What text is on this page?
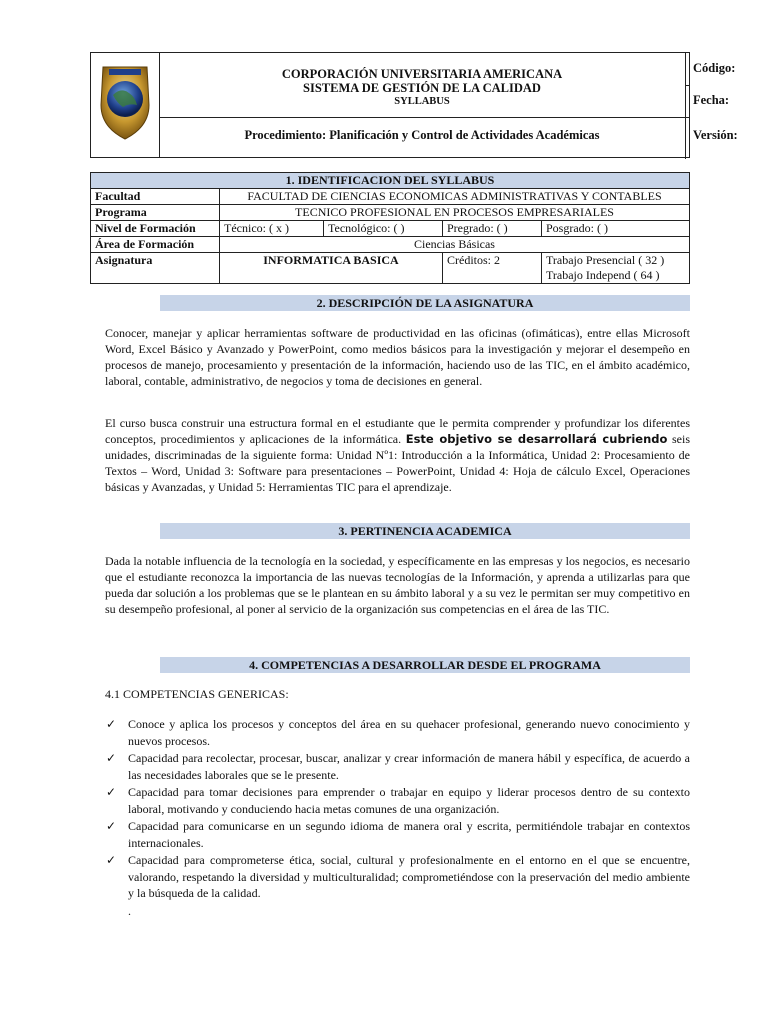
CORPORACIÓN UNIVERSITARIA AMERICANA
SISTEMA DE GESTIÓN DE LA CALIDAD
SYLLABUS
Código:
Fecha:
Procedimiento: Planificación y Control de Actividades Académicas	Versión:
1. IDENTIFICACION DEL SYLLABUS				
Facultad	FACULTAD DE CIENCIAS ECONOMICAS ADMINISTRATIVAS Y CONTABLES			
Programa	TECNICO PROFESIONAL EN PROCESOS EMPRESARIALES			
Nivel de Formación	Técnico: ( x )	Tecnológico: ( )	Pregrado: ( )	Posgrado: ( )
Área de Formación	Ciencias Básicas			
Asignatura	INFORMATICA BASICA		Créditos: 2	Trabajo Presencial ( 32 )
Trabajo Independ ( 64 )
2. DESCRIPCIÓN DE LA ASIGNATURA
Conocer, manejar y aplicar herramientas software de productividad en las oficinas (ofimáticas), entre ellas Microsoft Word, Excel Básico y Avanzado y PowerPoint, como medios básicos para la investigación y mejorar el desempeño en procesos de manejo, procesamiento y presentación de la información, haciendo uso de las TIC, en el ámbito académico, laboral, contable, administrativo, de negocios y toma de decisiones en general.
El curso busca construir una estructura formal en el estudiante que le permita comprender y profundizar los diferentes conceptos, procedimientos y aplicaciones de la informática. Este objetivo se desarrollará cubriendo seis unidades, discriminadas de la siguiente forma: Unidad Nº1: Introducción a la Informática, Unidad 2: Procesamiento de Textos – Word, Unidad 3: Software para presentaciones – PowerPoint, Unidad 4: Hoja de cálculo Excel, Operaciones básicas y Avanzadas, y Unidad 5: Herramientas TIC para el aprendizaje.
3. PERTINENCIA ACADEMICA
Dada la notable influencia de la tecnología en la sociedad, y específicamente en las empresas y los negocios, es necesario que el estudiante reconozca la importancia de las nuevas tecnologías de la Información, y aprenda a utilizarlas para que pueda dar solución a los problemas que se le plantean en su ámbito laboral y a su vez le permitan ser muy competitivo en su desempeño profesional, al poner al servicio de la organización sus competencias en el área de las TIC.
4. COMPETENCIAS A DESARROLLAR DESDE EL PROGRAMA
4.1 COMPETENCIAS GENERICAS:
✓ Conoce y aplica los procesos y conceptos del área en su quehacer profesional, generando nuevo conocimiento y nuevos procesos.
✓ Capacidad para recolectar, procesar, buscar, analizar y crear información de manera hábil y específica, de acuerdo a las necesidades laborales que se le presente.
✓ Capacidad para tomar decisiones para emprender o trabajar en equipo y liderar procesos dentro de su contexto laboral, motivando y conduciendo hacia metas comunes de una organización.
✓ Capacidad para comunicarse en un segundo idioma de manera oral y escrita, permitiéndole trabajar en contextos internacionales.
✓ Capacidad para comprometerse ética, social, cultural y profesionalmente en el entorno en el que se encuentre, valorando, respetando la diversidad y multiculturalidad; comprometiéndose con la preservación del medio ambiente y la búsqueda de la calidad.
.
